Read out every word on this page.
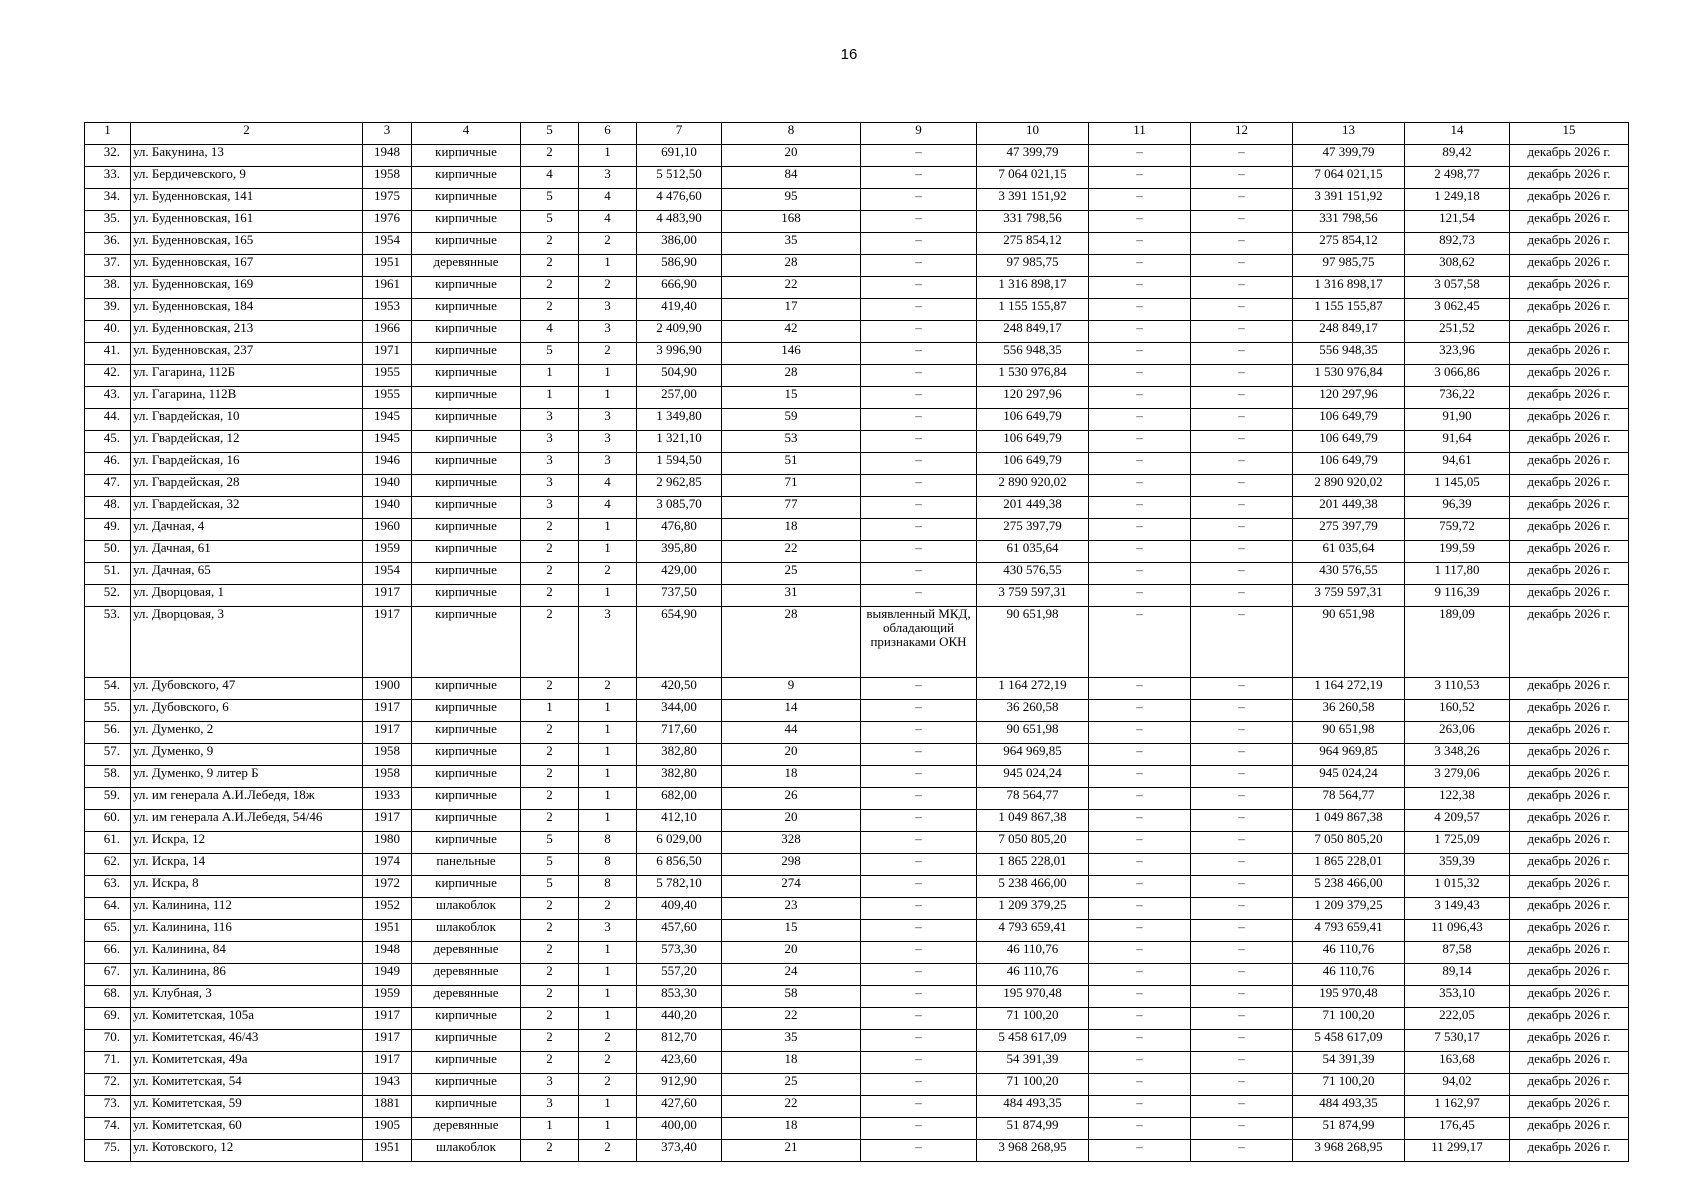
16
1	2	3	4	5	6	7	8	9	10	11	12	13	14	15
32.	ул. Бакунина, 13	1948	кирпичные	2	1	691,10	20	–	47 399,79	–	–	47 399,79	89,42	декабрь 2026 г.
33.	ул. Бердичевского, 9	1958	кирпичные	4	3	5 512,50	84	–	7 064 021,15	–	–	7 064 021,15	2 498,77	декабрь 2026 г.
34.	ул. Буденновская, 141	1975	кирпичные	5	4	4 476,60	95	–	3 391 151,92	–	–	3 391 151,92	1 249,18	декабрь 2026 г.
35.	ул. Буденновская, 161	1976	кирпичные	5	4	4 483,90	168	–	331 798,56	–	–	331 798,56	121,54	декабрь 2026 г.
36.	ул. Буденновская, 165	1954	кирпичные	2	2	386,00	35	–	275 854,12	–	–	275 854,12	892,73	декабрь 2026 г.
37.	ул. Буденновская, 167	1951	деревянные	2	1	586,90	28	–	97 985,75	–	–	97 985,75	308,62	декабрь 2026 г.
38.	ул. Буденновская, 169	1961	кирпичные	2	2	666,90	22	–	1 316 898,17	–	–	1 316 898,17	3 057,58	декабрь 2026 г.
39.	ул. Буденновская, 184	1953	кирпичные	2	3	419,40	17	–	1 155 155,87	–	–	1 155 155,87	3 062,45	декабрь 2026 г.
40.	ул. Буденновская, 213	1966	кирпичные	4	3	2 409,90	42	–	248 849,17	–	–	248 849,17	251,52	декабрь 2026 г.
41.	ул. Буденновская, 237	1971	кирпичные	5	2	3 996,90	146	–	556 948,35	–	–	556 948,35	323,96	декабрь 2026 г.
42.	ул. Гагарина, 112Б	1955	кирпичные	1	1	504,90	28	–	1 530 976,84	–	–	1 530 976,84	3 066,86	декабрь 2026 г.
43.	ул. Гагарина, 112В	1955	кирпичные	1	1	257,00	15	–	120 297,96	–	–	120 297,96	736,22	декабрь 2026 г.
44.	ул. Гвардейская, 10	1945	кирпичные	3	3	1 349,80	59	–	106 649,79	–	–	106 649,79	91,90	декабрь 2026 г.
45.	ул. Гвардейская, 12	1945	кирпичные	3	3	1 321,10	53	–	106 649,79	–	–	106 649,79	91,64	декабрь 2026 г.
46.	ул. Гвардейская, 16	1946	кирпичные	3	3	1 594,50	51	–	106 649,79	–	–	106 649,79	94,61	декабрь 2026 г.
47.	ул. Гвардейская, 28	1940	кирпичные	3	4	2 962,85	71	–	2 890 920,02	–	–	2 890 920,02	1 145,05	декабрь 2026 г.
48.	ул. Гвардейская, 32	1940	кирпичные	3	4	3 085,70	77	–	201 449,38	–	–	201 449,38	96,39	декабрь 2026 г.
49.	ул. Дачная, 4	1960	кирпичные	2	1	476,80	18	–	275 397,79	–	–	275 397,79	759,72	декабрь 2026 г.
50.	ул. Дачная, 61	1959	кирпичные	2	1	395,80	22	–	61 035,64	–	–	61 035,64	199,59	декабрь 2026 г.
51.	ул. Дачная, 65	1954	кирпичные	2	2	429,00	25	–	430 576,55	–	–	430 576,55	1 117,80	декабрь 2026 г.
52.	ул. Дворцовая, 1	1917	кирпичные	2	1	737,50	31	–	3 759 597,31	–	–	3 759 597,31	9 116,39	декабрь 2026 г.
53.	ул. Дворцовая, 3	1917	кирпичные	2	3	654,90	28	выявленный МКД, обладающий признаками ОКН	90 651,98	–	–	90 651,98	189,09	декабрь 2026 г.
54.	ул. Дубовского, 47	1900	кирпичные	2	2	420,50	9	–	1 164 272,19	–	–	1 164 272,19	3 110,53	декабрь 2026 г.
55.	ул. Дубовского, 6	1917	кирпичные	1	1	344,00	14	–	36 260,58	–	–	36 260,58	160,52	декабрь 2026 г.
56.	ул. Думенко, 2	1917	кирпичные	2	1	717,60	44	–	90 651,98	–	–	90 651,98	263,06	декабрь 2026 г.
57.	ул. Думенко, 9	1958	кирпичные	2	1	382,80	20	–	964 969,85	–	–	964 969,85	3 348,26	декабрь 2026 г.
58.	ул. Думенко, 9 литер Б	1958	кирпичные	2	1	382,80	18	–	945 024,24	–	–	945 024,24	3 279,06	декабрь 2026 г.
59.	ул. им генерала А.И.Лебедя, 18ж	1933	кирпичные	2	1	682,00	26	–	78 564,77	–	–	78 564,77	122,38	декабрь 2026 г.
60.	ул. им генерала А.И.Лебедя, 54/46	1917	кирпичные	2	1	412,10	20	–	1 049 867,38	–	–	1 049 867,38	4 209,57	декабрь 2026 г.
61.	ул. Искра, 12	1980	кирпичные	5	8	6 029,00	328	–	7 050 805,20	–	–	7 050 805,20	1 725,09	декабрь 2026 г.
62.	ул. Искра, 14	1974	панельные	5	8	6 856,50	298	–	1 865 228,01	–	–	1 865 228,01	359,39	декабрь 2026 г.
63.	ул. Искра, 8	1972	кирпичные	5	8	5 782,10	274	–	5 238 466,00	–	–	5 238 466,00	1 015,32	декабрь 2026 г.
64.	ул. Калинина, 112	1952	шлакоблок	2	2	409,40	23	–	1 209 379,25	–	–	1 209 379,25	3 149,43	декабрь 2026 г.
65.	ул. Калинина, 116	1951	шлакоблок	2	3	457,60	15	–	4 793 659,41	–	–	4 793 659,41	11 096,43	декабрь 2026 г.
66.	ул. Калинина, 84	1948	деревянные	2	1	573,30	20	–	46 110,76	–	–	46 110,76	87,58	декабрь 2026 г.
67.	ул. Калинина, 86	1949	деревянные	2	1	557,20	24	–	46 110,76	–	–	46 110,76	89,14	декабрь 2026 г.
68.	ул. Клубная, 3	1959	деревянные	2	1	853,30	58	–	195 970,48	–	–	195 970,48	353,10	декабрь 2026 г.
69.	ул. Комитетская, 105а	1917	кирпичные	2	1	440,20	22	–	71 100,20	–	–	71 100,20	222,05	декабрь 2026 г.
70.	ул. Комитетская, 46/43	1917	кирпичные	2	2	812,70	35	–	5 458 617,09	–	–	5 458 617,09	7 530,17	декабрь 2026 г.
71.	ул. Комитетская, 49а	1917	кирпичные	2	2	423,60	18	–	54 391,39	–	–	54 391,39	163,68	декабрь 2026 г.
72.	ул. Комитетская, 54	1943	кирпичные	3	2	912,90	25	–	71 100,20	–	–	71 100,20	94,02	декабрь 2026 г.
73.	ул. Комитетская, 59	1881	кирпичные	3	1	427,60	22	–	484 493,35	–	–	484 493,35	1 162,97	декабрь 2026 г.
74.	ул. Комитетская, 60	1905	деревянные	1	1	400,00	18	–	51 874,99	–	–	51 874,99	176,45	декабрь 2026 г.
75.	ул. Котовского, 12	1951	шлакоблок	2	2	373,40	21	–	3 968 268,95	–	–	3 968 268,95	11 299,17	декабрь 2026 г.
